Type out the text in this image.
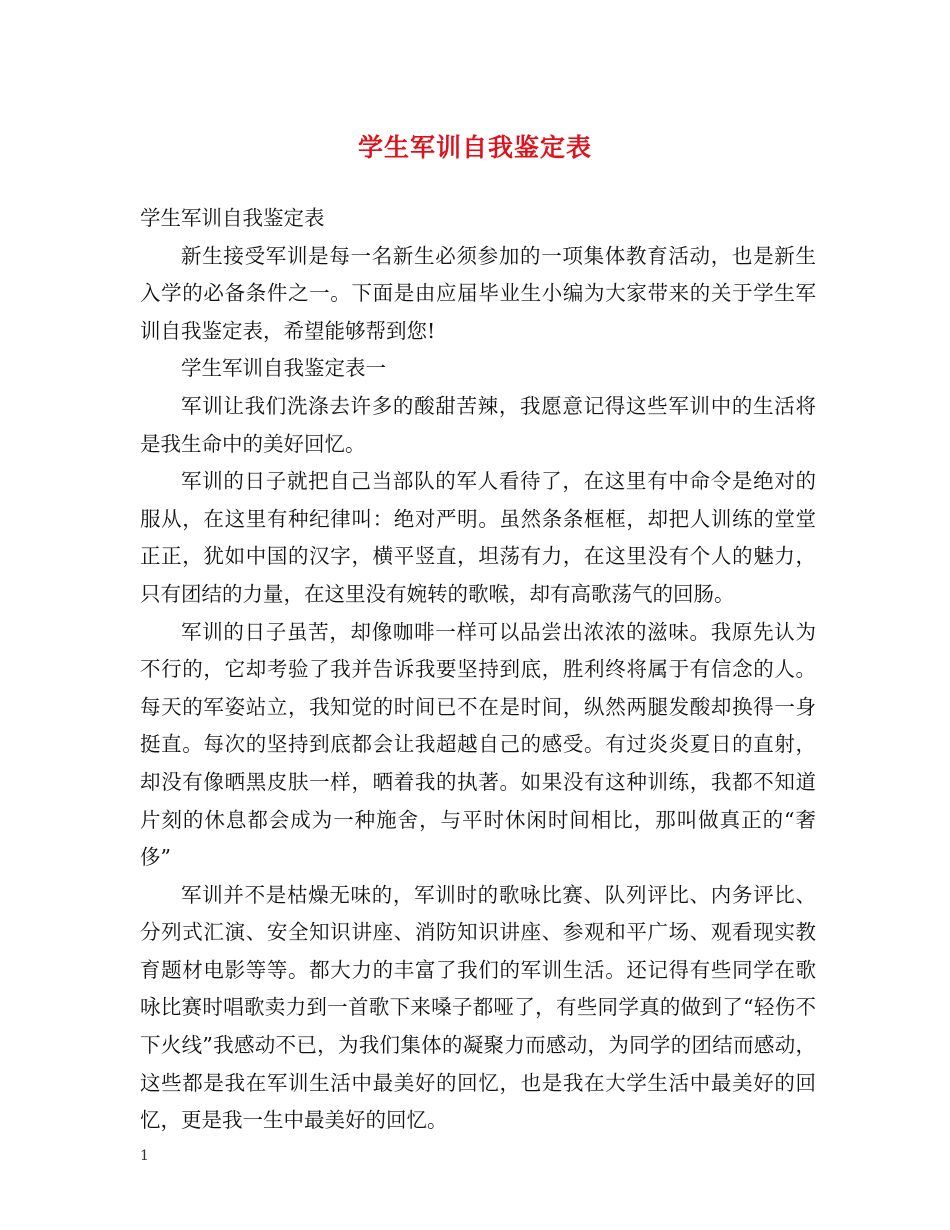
学生军训自我鉴定表

学生军训自我鉴定表

新生接受军训是每一名新生必须参加的一项集体教育活动，也是新生入学的必备条件之一。下面是由应届毕业生小编为大家带来的关于学生军训自我鉴定表，希望能够帮到您!

学生军训自我鉴定表一

军训让我们洗涤去许多的酸甜苦辣，我愿意记得这些军训中的生活将是我生命中的美好回忆。

军训的日子就把自己当部队的军人看待了，在这里有中命令是绝对的服从，在这里有种纪律叫：绝对严明。虽然条条框框，却把人训练的堂堂正正，犹如中国的汉字，横平竖直，坦荡有力，在这里没有个人的魅力，只有团结的力量，在这里没有婉转的歌喉，却有高歌荡气的回肠。

军训的日子虽苦，却像咖啡一样可以品尝出浓浓的滋味。我原先认为不行的，它却考验了我并告诉我要坚持到底，胜利终将属于有信念的人。每天的军姿站立，我知觉的时间已不在是时间，纵然两腿发酸却换得一身挺直。每次的坚持到底都会让我超越自己的感受。有过炎炎夏日的直射，却没有像晒黑皮肤一样，晒着我的执著。如果没有这种训练，我都不知道片刻的休息都会成为一种施舍，与平时休闲时间相比，那叫做真正的“奢侈”

军训并不是枯燥无味的，军训时的歌咏比赛、队列评比、内务评比、分列式汇演、安全知识讲座、消防知识讲座、参观和平广场、观看现实教育题材电影等等。都大力的丰富了我们的军训生活。还记得有些同学在歌咏比赛时唱歌卖力到一首歌下来嗓子都哑了，有些同学真的做到了“轻伤不下火线”我感动不已，为我们集体的凝聚力而感动，为同学的团结而感动，这些都是我在军训生活中最美好的回忆，也是我在大学生活中最美好的回忆，更是我一生中最美好的回忆。

1
